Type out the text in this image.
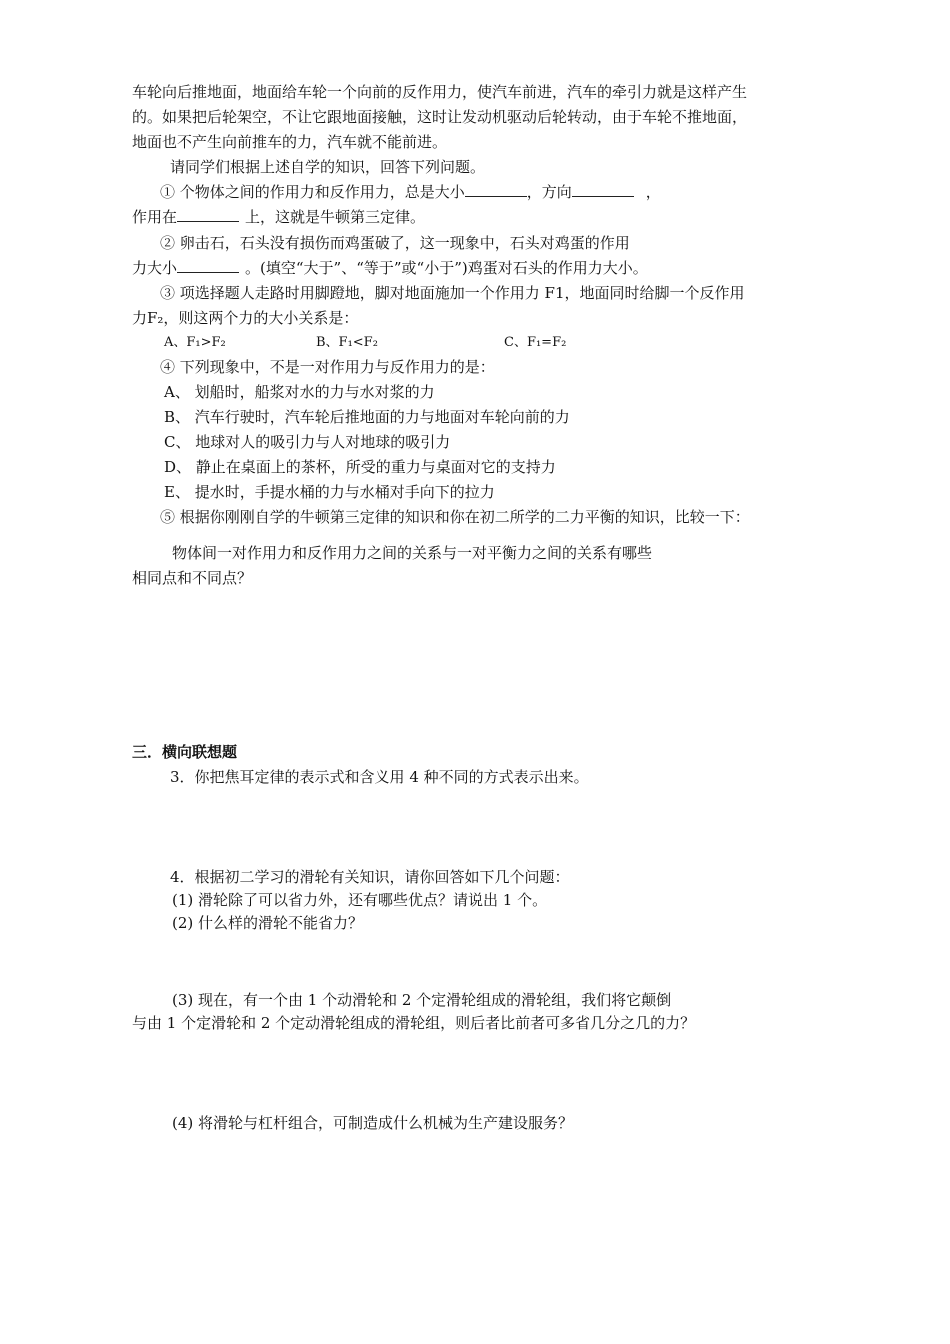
车轮向后推地面，地面给车轮一个向前的反作用力，使汽车前进，汽车的牵引力就是这样产生
的。如果把后轮架空，不让它跟地面接触，这时让发动机驱动后轮转动，由于车轮不推地面，
地面也不产生向前推车的力，汽车就不能前进。
请同学们根据上述自学的知识，回答下列问题。
① 个物体之间的作用力和反作用力，总是大小	，方向	，
作用在	上，这就是牛顿第三定律。
② 卵击石，石头没有损伤而鸡蛋破了，这一现象中，石头对鸡蛋的作用
力大小	。(填空“大于”、“等于”或“小于”)鸡蛋对石头的作用力大小。
③ 项选择题人走路时用脚蹬地，脚对地面施加一个作用力 F1，地面同时给脚一个反作用
力F₂，则这两个力的大小关系是：
A、F₁>F₂	B、F₁<F₂	C、F₁=F₂
④ 下列现象中，不是一对作用力与反作用力的是：
A、 划船时，船浆对水的力与水对浆的力
B、 汽车行驶时，汽车轮后推地面的力与地面对车轮向前的力
C、 地球对人的吸引力与人对地球的吸引力
D、 静止在桌面上的茶杯，所受的重力与桌面对它的支持力
E、 提水时，手提水桶的力与水桶对手向下的拉力
⑤ 根据你刚刚自学的牛顿第三定律的知识和你在初二所学的二力平衡的知识，比较一下：
物体间一对作用力和反作用力之间的关系与一对平衡力之间的关系有哪些
相同点和不同点？
三．横向联想题
3．你把焦耳定律的表示式和含义用 4 种不同的方式表示出来。
4．根据初二学习的滑轮有关知识，请你回答如下几个问题：
(1) 滑轮除了可以省力外，还有哪些优点？请说出 1 个。
(2) 什么样的滑轮不能省力？
(3) 现在，有一个由 1 个动滑轮和 2 个定滑轮组成的滑轮组，我们将它颠倒
与由 1 个定滑轮和 2 个定动滑轮组成的滑轮组，则后者比前者可多省几分之几的力？
(4) 将滑轮与杠杆组合，可制造成什么机械为生产建设服务？
